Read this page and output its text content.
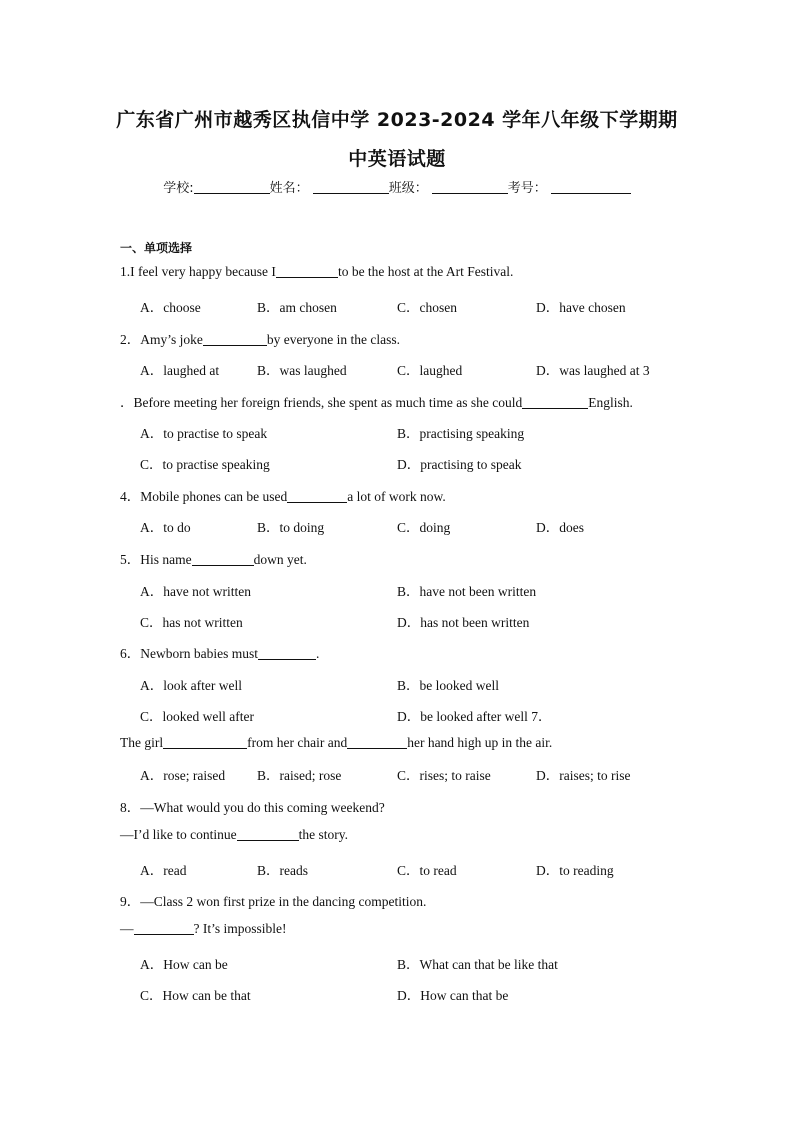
广东省广州市越秀区执信中学 2023-2024 学年八年级下学期期
中英语试题
学校:	姓名：	班级：	考号：
一、单项选择
1.I feel very happy because I	to be the host at the Art Festival.
A．choose	B．am chosen	C．chosen	D．have chosen
2．Amy’s joke	by everyone in the class.
A．laughed at	B．was laughed	C．laughed	D．was laughed at 3
．Before meeting her foreign friends, she spent as much time as she could	English.
A．to practise to speak	B．practising speaking
C．to practise speaking	D．practising to speak
4．Mobile phones can be used	a lot of work now.
A．to do	B．to doing	C．doing	D．does
5．His name	down yet.
A．have not written	B．have not been written
C．has not written	D．has not been written
6．Newborn babies must	.
A．look after well	B．be looked well
C．looked well after	D．be looked after well 7．
The girl	from her chair and	her hand high up in the air.
A．rose; raised B．raised; rose	C．rises; to raise	D．raises; to rise
8．—What would you do this coming weekend?
—I’d like to continue	the story.
A．read	B．reads	C．to read	D．to reading
9．—Class 2 won first prize in the dancing competition.
—	? It’s impossible!
A．How can be	B．What can that be like that
C．How can be that	D．How can that be
